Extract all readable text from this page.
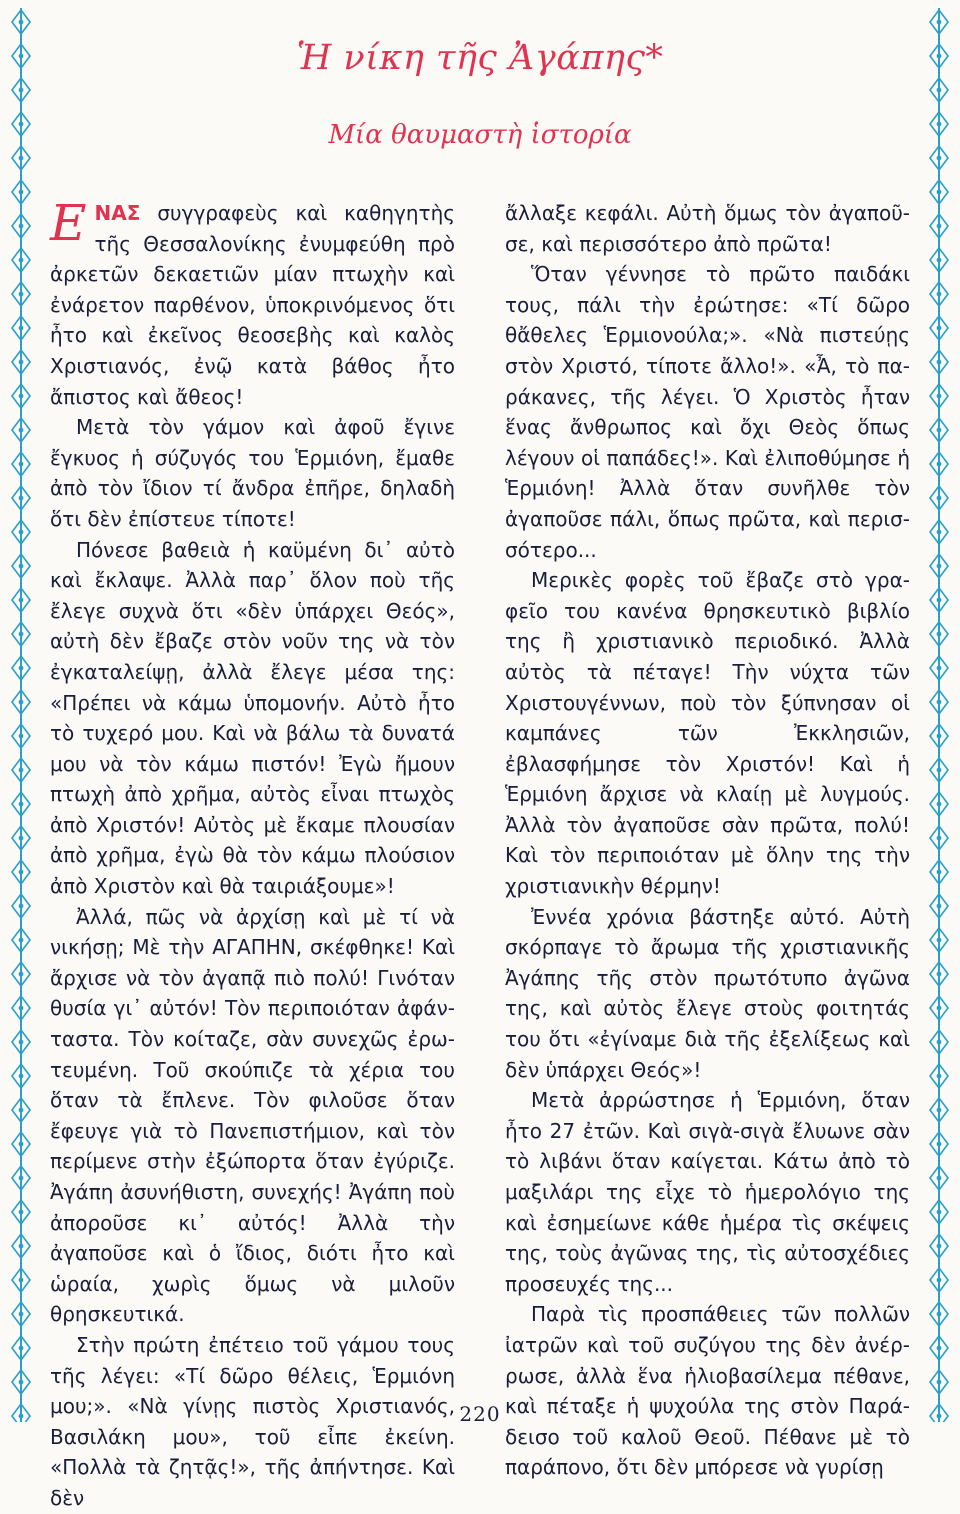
Ἡ νίκη τῆς Ἀγάπης*
Μία θαυμαστὴ ἱστορία

ΕΝΑΣ συγγραφεὺς καὶ καθηγητὴς τῆς Θεσσαλονίκης ἐνυμφεύθη πρὸ ἀρκετῶν δεκαετιῶν μίαν πτωχὴν καὶ ἐνάρετον παρθένον, ὑποκρινόμενος ὅτι ἦτο καὶ ἐκεῖνος θεοσεβὴς καὶ καλὸς Χριστιανός, ἐνῷ κατὰ βάθος ἦτο ἄπιστος καὶ ἄθεος!

Μετὰ τὸν γάμον καὶ ἀφοῦ ἔγινε ἔγκυος ἡ σύζυγός του Ἑρμιόνη, ἔμαθε ἀπὸ τὸν ἴδιον τί ἄνδρα ἐπῆρε, δηλαδὴ ὅτι δὲν ἐπίστευε τίποτε!

Πόνεσε βαθειὰ ἡ καϋμένη δι᾽ αὐτὸ καὶ ἔκλαψε. Ἀλλὰ παρ᾽ ὅλον ποὺ τῆς ἔλεγε συχνὰ ὅτι «δὲν ὑπάρχει Θεός», αὐτὴ δὲν ἔβαζε στὸν νοῦν της νὰ τὸν ἐγκαταλείψῃ, ἀλλὰ ἔλεγε μέσα της: «Πρέπει νὰ κάμω ὑπομονήν. Αὐτὸ ἦτο τὸ τυχερό μου. Καὶ νὰ βάλω τὰ δυνατά μου νὰ τὸν κάμω πιστόν! Ἐγὼ ἤμουν πτωχὴ ἀπὸ χρῆμα, αὐτὸς εἶναι πτωχὸς ἀπὸ Χριστόν! Αὐτὸς μὲ ἔκαμε πλουσίαν ἀπὸ χρῆμα, ἐγὼ θὰ τὸν κάμω πλούσιον ἀπὸ Χριστὸν καὶ θὰ ταιριάξουμε»!

Ἀλλά, πῶς νὰ ἀρχίσῃ καὶ μὲ τί νὰ νικήσῃ; Μὲ τὴν ΑΓΑΠΗΝ, σκέφθηκε! Καὶ ἄρχισε νὰ τὸν ἀγαπᾷ πιὸ πολύ! Γινόταν θυσία γι᾽ αὐτόν! Τὸν περιποιόταν ἀφάνταστα. Τὸν κοίταζε, σὰν συνεχῶς ἐρωτευμένη. Τοῦ σκούπιζε τὰ χέρια του ὅταν τὰ ἔπλενε. Τὸν φιλοῦσε ὅταν ἔφευγε γιὰ τὸ Πανεπιστήμιον, καὶ τὸν περίμενε στὴν ἐξώπορτα ὅταν ἐγύριζε. Ἀγάπη ἀσυνήθιστη, συνεχής! Ἀγάπη ποὺ ἀποροῦσε κι᾽ αὐτός! Ἀλλὰ τὴν ἀγαποῦσε καὶ ὁ ἴδιος, διότι ἦτο καὶ ὡραία, χωρὶς ὅμως νὰ μιλοῦν θρησκευτικά.

Στὴν πρώτη ἐπέτειο τοῦ γάμου τους τῆς λέγει: «Τί δῶρο θέλεις, Ἑρμιόνη μου;». «Νὰ γίνῃς πιστὸς Χριστιανός, Βασιλάκη μου», τοῦ εἶπε ἐκείνη. «Πολλὰ τὰ ζητᾷς!», τῆς ἀπήντησε. Καὶ δὲν

ἄλλαξε κεφάλι. Αὐτὴ ὅμως τὸν ἀγαποῦσε, καὶ περισσότερο ἀπὸ πρῶτα!

Ὅταν γέννησε τὸ πρῶτο παιδάκι τους, πάλι τὴν ἐρώτησε: «Τί δῶρο θἄθελες Ἑρμιονούλα;». «Νὰ πιστεύῃς στὸν Χριστό, τίποτε ἄλλο!». «Ἆ, τὸ παράκανες, τῆς λέγει. Ὁ Χριστὸς ἦταν ἕνας ἄνθρωπος καὶ ὄχι Θεὸς ὅπως λέγουν οἱ παπάδες!». Καὶ ἐλιποθύμησε ἡ Ἑρμιόνη! Ἀλλὰ ὅταν συνῆλθε τὸν ἀγαποῦσε πάλι, ὅπως πρῶτα, καὶ περισσότερο...

Μερικὲς φορὲς τοῦ ἔβαζε στὸ γραφεῖο του κανένα θρησκευτικὸ βιβλίο της ἢ χριστιανικὸ περιοδικό. Ἀλλὰ αὐτὸς τὰ πέταγε! Τὴν νύχτα τῶν Χριστουγέννων, ποὺ τὸν ξύπνησαν οἱ καμπάνες τῶν Ἐκκλησιῶν, ἐβλασφήμησε τὸν Χριστόν! Καὶ ἡ Ἑρμιόνη ἄρχισε νὰ κλαίῃ μὲ λυγμούς. Ἀλλὰ τὸν ἀγαποῦσε σὰν πρῶτα, πολύ! Καὶ τὸν περιποιόταν μὲ ὅλην της τὴν χριστιανικὴν θέρμην!

Ἐννέα χρόνια βάστηξε αὐτό. Αὐτὴ σκόρπαγε τὸ ἄρωμα τῆς χριστιανικῆς Ἀγάπης τῆς στὸν πρωτότυπο ἀγῶνα της, καὶ αὐτὸς ἔλεγε στοὺς φοιτητάς του ὅτι «ἐγίναμε διὰ τῆς ἐξελίξεως καὶ δὲν ὑπάρχει Θεός»!

Μετὰ ἀρρώστησε ἡ Ἑρμιόνη, ὅταν ἦτο 27 ἐτῶν. Καὶ σιγὰ-σιγὰ ἔλυωνε σὰν τὸ λιβάνι ὅταν καίγεται. Κάτω ἀπὸ τὸ μαξιλάρι της εἶχε τὸ ἡμερολόγιο της καὶ ἐσημείωνε κάθε ἡμέρα τὶς σκέψεις της, τοὺς ἀγῶνας της, τὶς αὐτοσχέδιες προσευχές της...

Παρὰ τὶς προσπάθειες τῶν πολλῶν ἰατρῶν καὶ τοῦ συζύγου της δὲν ἀνέρρωσε, ἀλλὰ ἕνα ἡλιοβασίλεμα πέθανε, καὶ πέταξε ἡ ψυχούλα της στὸν Παράδεισο τοῦ καλοῦ Θεοῦ. Πέθανε μὲ τὸ παράπονο, ὅτι δὲν μπόρεσε νὰ γυρίσῃ

220
